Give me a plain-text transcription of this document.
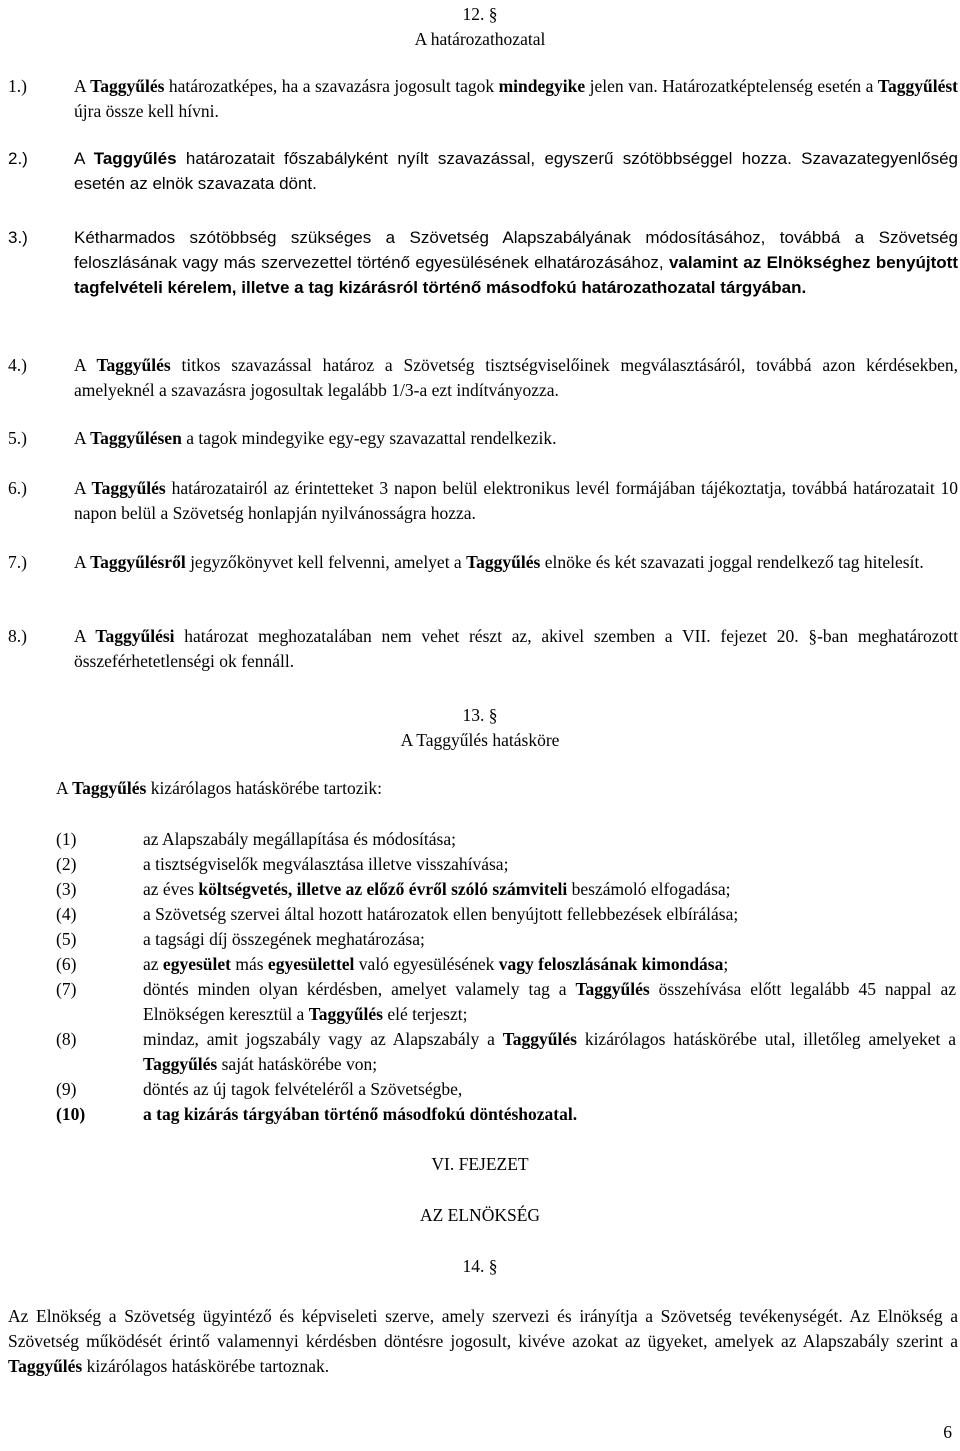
12. §
A határozathozatal
1.)	A Taggyűlés határozatképes, ha a szavazásra jogosult tagok mindegyike jelen van. Határozatképtelenség esetén a Taggyűlést újra össze kell hívni.
2.)	A Taggyűlés határozatait főszabályként nyílt szavazással, egyszerű szótöbbséggel hozza. Szavazategyenlőség esetén az elnök szavazata dönt.
3.)	Kétharmados szótöbbség szükséges a Szövetség Alapszabályának módosításához, továbbá a Szövetség feloszlásának vagy más szervezettel történő egyesülésének elhatározásához, valamint az Elnökséghez benyújtott tagfelvételi kérelem, illetve a tag kizárásról történő másodfokú határozathozatal tárgyában.
4.)	A Taggyűlés titkos szavazással határoz a Szövetség tisztségviselőinek megválasztásáról, továbbá azon kérdésekben, amelyeknél a szavazásra jogosultak legalább 1/3-a ezt indítványozza.
5.)	A Taggyűlésen a tagok mindegyike egy-egy szavazattal rendelkezik.
6.)	A Taggyűlés határozatairól az érintetteket 3 napon belül elektronikus levél formájában tájékoztatja, továbbá határozatait 10 napon belül a Szövetség honlapján nyilvánosságra hozza.
7.)	A Taggyűlésről jegyzőkönyvet kell felvenni, amelyet a Taggyűlés elnöke és két szavazati joggal rendelkező tag hitelesít.
8.)	A Taggyűlési határozat meghozatalában nem vehet részt az, akivel szemben a VII. fejezet 20. §-ban meghatározott összeférhetetlenségi ok fennáll.
13. §
A Taggyűlés hatásköre
A Taggyűlés kizárólagos hatáskörébe tartozik:
(1)	az Alapszabály megállapítása és módosítása;
(2)	a tisztségviselők megválasztása illetve visszahívása;
(3)	az éves költségvetés, illetve az előző évről szóló számviteli beszámoló elfogadása;
(4)	a Szövetség szervei által hozott határozatok ellen benyújtott fellebbezések elbírálása;
(5)	a tagsági díj összegének meghatározása;
(6)	az egyesület más egyesülettel való egyesülésének vagy feloszlásának kimondása;
(7)	döntés minden olyan kérdésben, amelyet valamely tag a Taggyűlés összehívása előtt legalább 45 nappal az Elnökségen keresztül a Taggyűlés elé terjeszt;
(8)	mindaz, amit jogszabály vagy az Alapszabály a Taggyűlés kizárólagos hatáskörébe utal, illetőleg amelyeket a Taggyűlés saját hatáskörébe von;
(9)	döntés az új tagok felvételéről a Szövetségbe,
(10)	a tag kizárás tárgyában történő másodfokú döntéshozatal.
VI. FEJEZET
AZ ELNÖKSÉG
14. §
Az Elnökség a Szövetség ügyintéző és képviseleti szerve, amely szervezi és irányítja a Szövetség tevékenységét. Az Elnökség a Szövetség működését érintő valamennyi kérdésben döntésre jogosult, kivéve azokat az ügyeket, amelyek az Alapszabály szerint a Taggyűlés kizárólagos hatáskörébe tartoznak.
6
